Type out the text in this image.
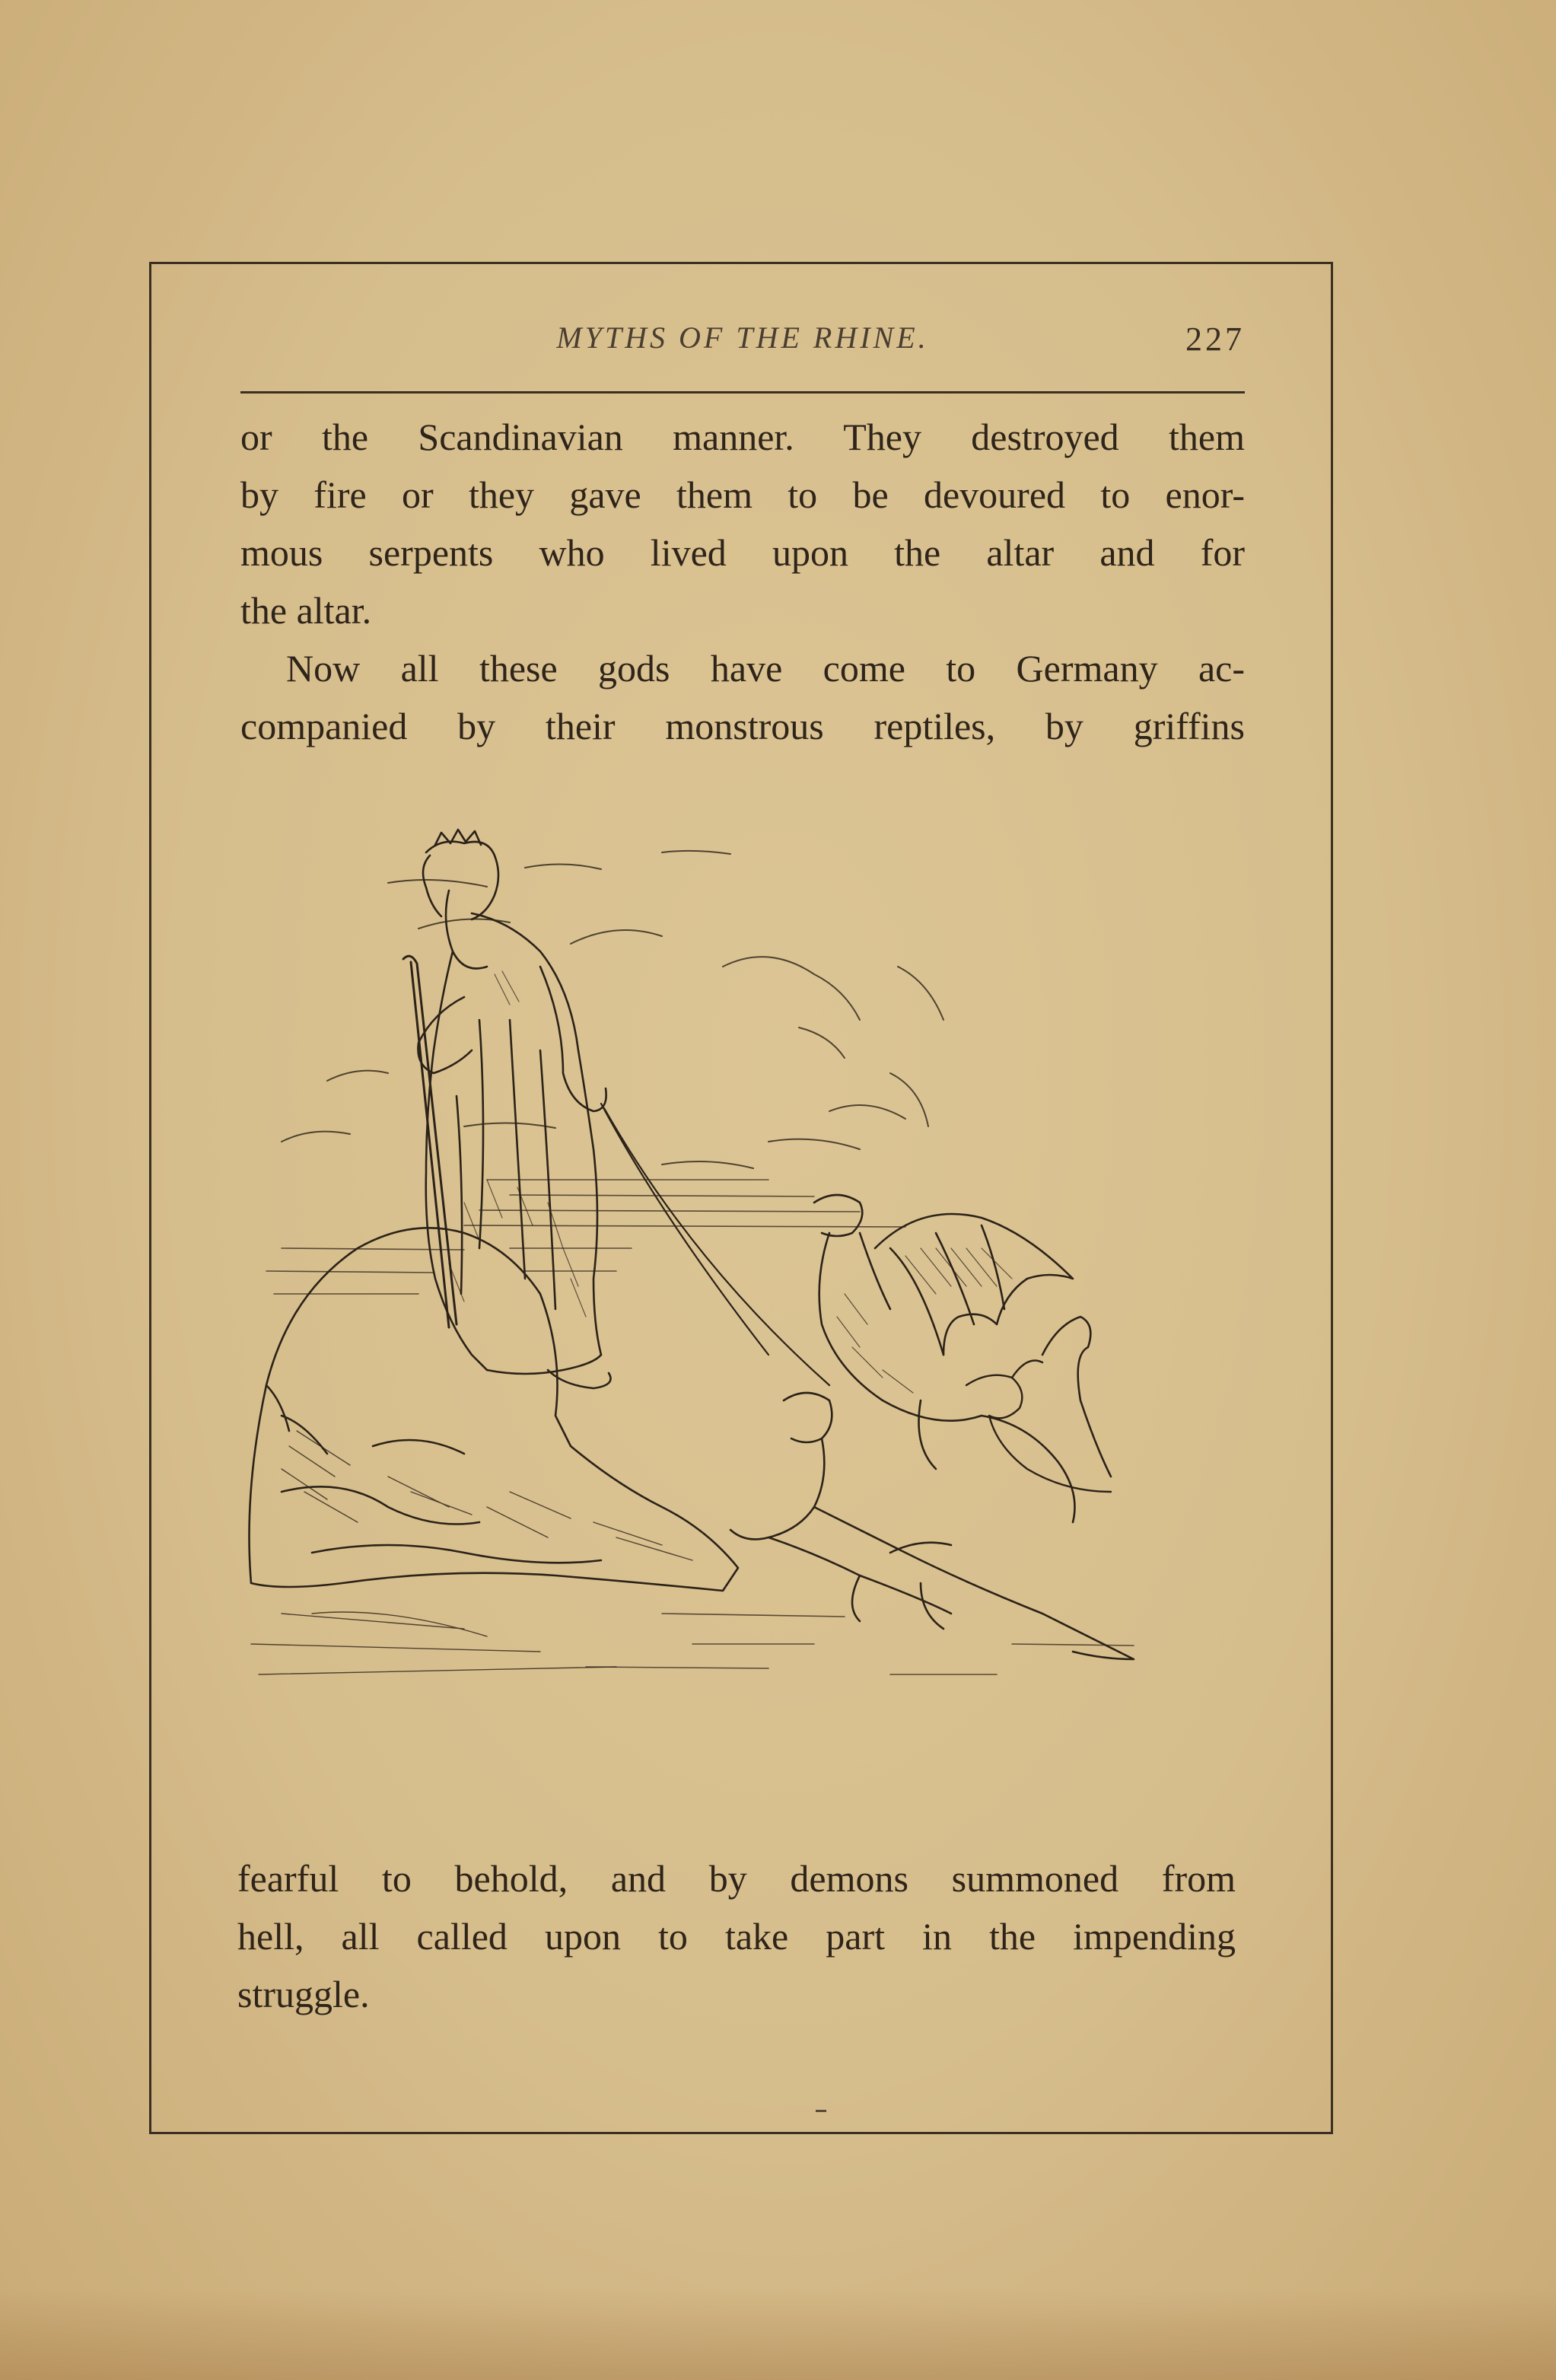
MYTHS OF THE RHINE.	227
or the Scandinavian manner. They destroyed them
by fire or they gave them to be devoured to enor-
mous serpents who lived upon the altar and for
the altar.
Now all these gods have come to Germany ac-
companied by their monstrous reptiles, by griffins
fearful to behold, and by demons summoned from
hell, all called upon to take part in the impending
struggle.
